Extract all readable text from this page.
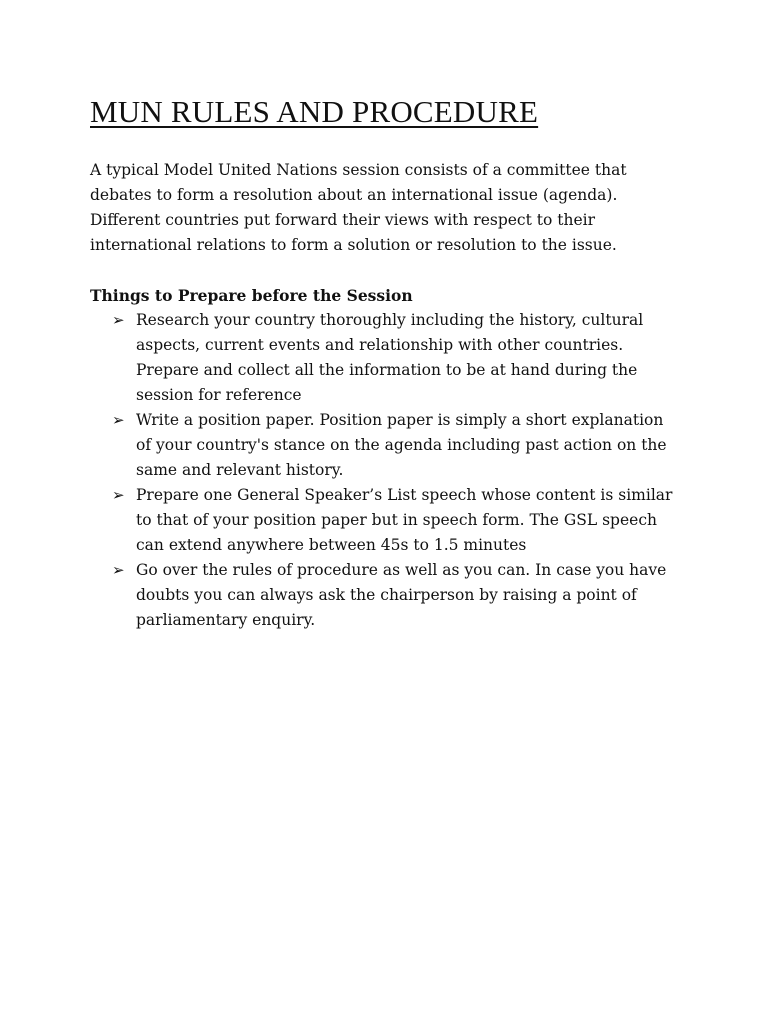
MUN RULES AND PROCEDURE

A typical Model United Nations session consists of a committee that debates to form a resolution about an international issue (agenda). Different countries put forward their views with respect to their international relations to form a solution or resolution to the issue.

Things to Prepare before the Session

➢ Research your country thoroughly including the history, cultural aspects, current events and relationship with other countries. Prepare and collect all the information to be at hand during the session for reference
➢ Write a position paper. Position paper is simply a short explanation of your country's stance on the agenda including past action on the same and relevant history.
➢ Prepare one General Speaker’s List speech whose content is similar to that of your position paper but in speech form. The GSL speech can extend anywhere between 45s to 1.5 minutes
➢ Go over the rules of procedure as well as you can. In case you have doubts you can always ask the chairperson by raising a point of parliamentary enquiry.
